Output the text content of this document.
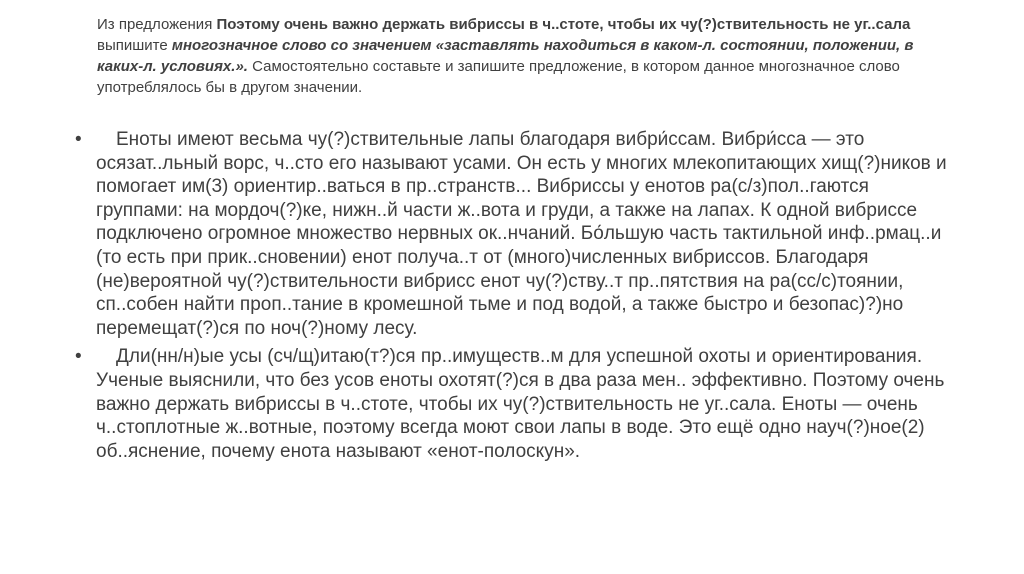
Из предложения Поэтому очень важно держать вибриссы в ч..стоте, чтобы их чу(?)ствительность не уг..сала выпишите многозначное слово со значением «заставлять находиться в каком-л. состоянии, положении, в каких-л. условиях.». Самостоятельно составьте и запишите предложение, в котором данное многозначное слово употреблялось бы в другом значении.
• Еноты имеют весьма чу(?)ствительные лапы благодаря вибри́ссам. Вибри́сса — это осязат..льный ворс, ч..сто его называют усами. Он есть у многих млекопитающих хищ(?)ников и помогает им(3) ориентир..ваться в пр..странств... Вибриссы у енотов ра(с/з)пол..гаются группами: на мордоч(?)ке, нижн..й части ж..вота и груди, а также на лапах. К одной вибриссе подключено огромное множество нервных ок..нчаний. Бо́льшую часть тактильной инф..рмац..и (то есть при прик..сновении) енот получа..т от (много)численных вибриссов. Благодаря (не)вероятной чу(?)ствительности вибрисс енот чу(?)ству..т пр..пятствия на ра(сс/с)тоянии, сп..собен найти проп..тание в кромешной тьме и под водой, а также быстро и безопас)?)но перемещат(?)ся по ноч(?)ному лесу.
• Дли(нн/н)ые усы (сч/щ)итаю(т?)ся пр..имуществ..м для успешной охоты и ориентирования. Ученые выяснили, что без усов еноты охотят(?)ся в два раза мен.. эффективно. Поэтому очень важно держать вибриссы в ч..стоте, чтобы их чу(?)ствительность не уг..сала. Еноты — очень ч..стоплотные ж..вотные, поэтому всегда моют свои лапы в воде. Это ещё одно науч(?)ное(2) об..яснение, почему енота называют «енот-полоскун».
